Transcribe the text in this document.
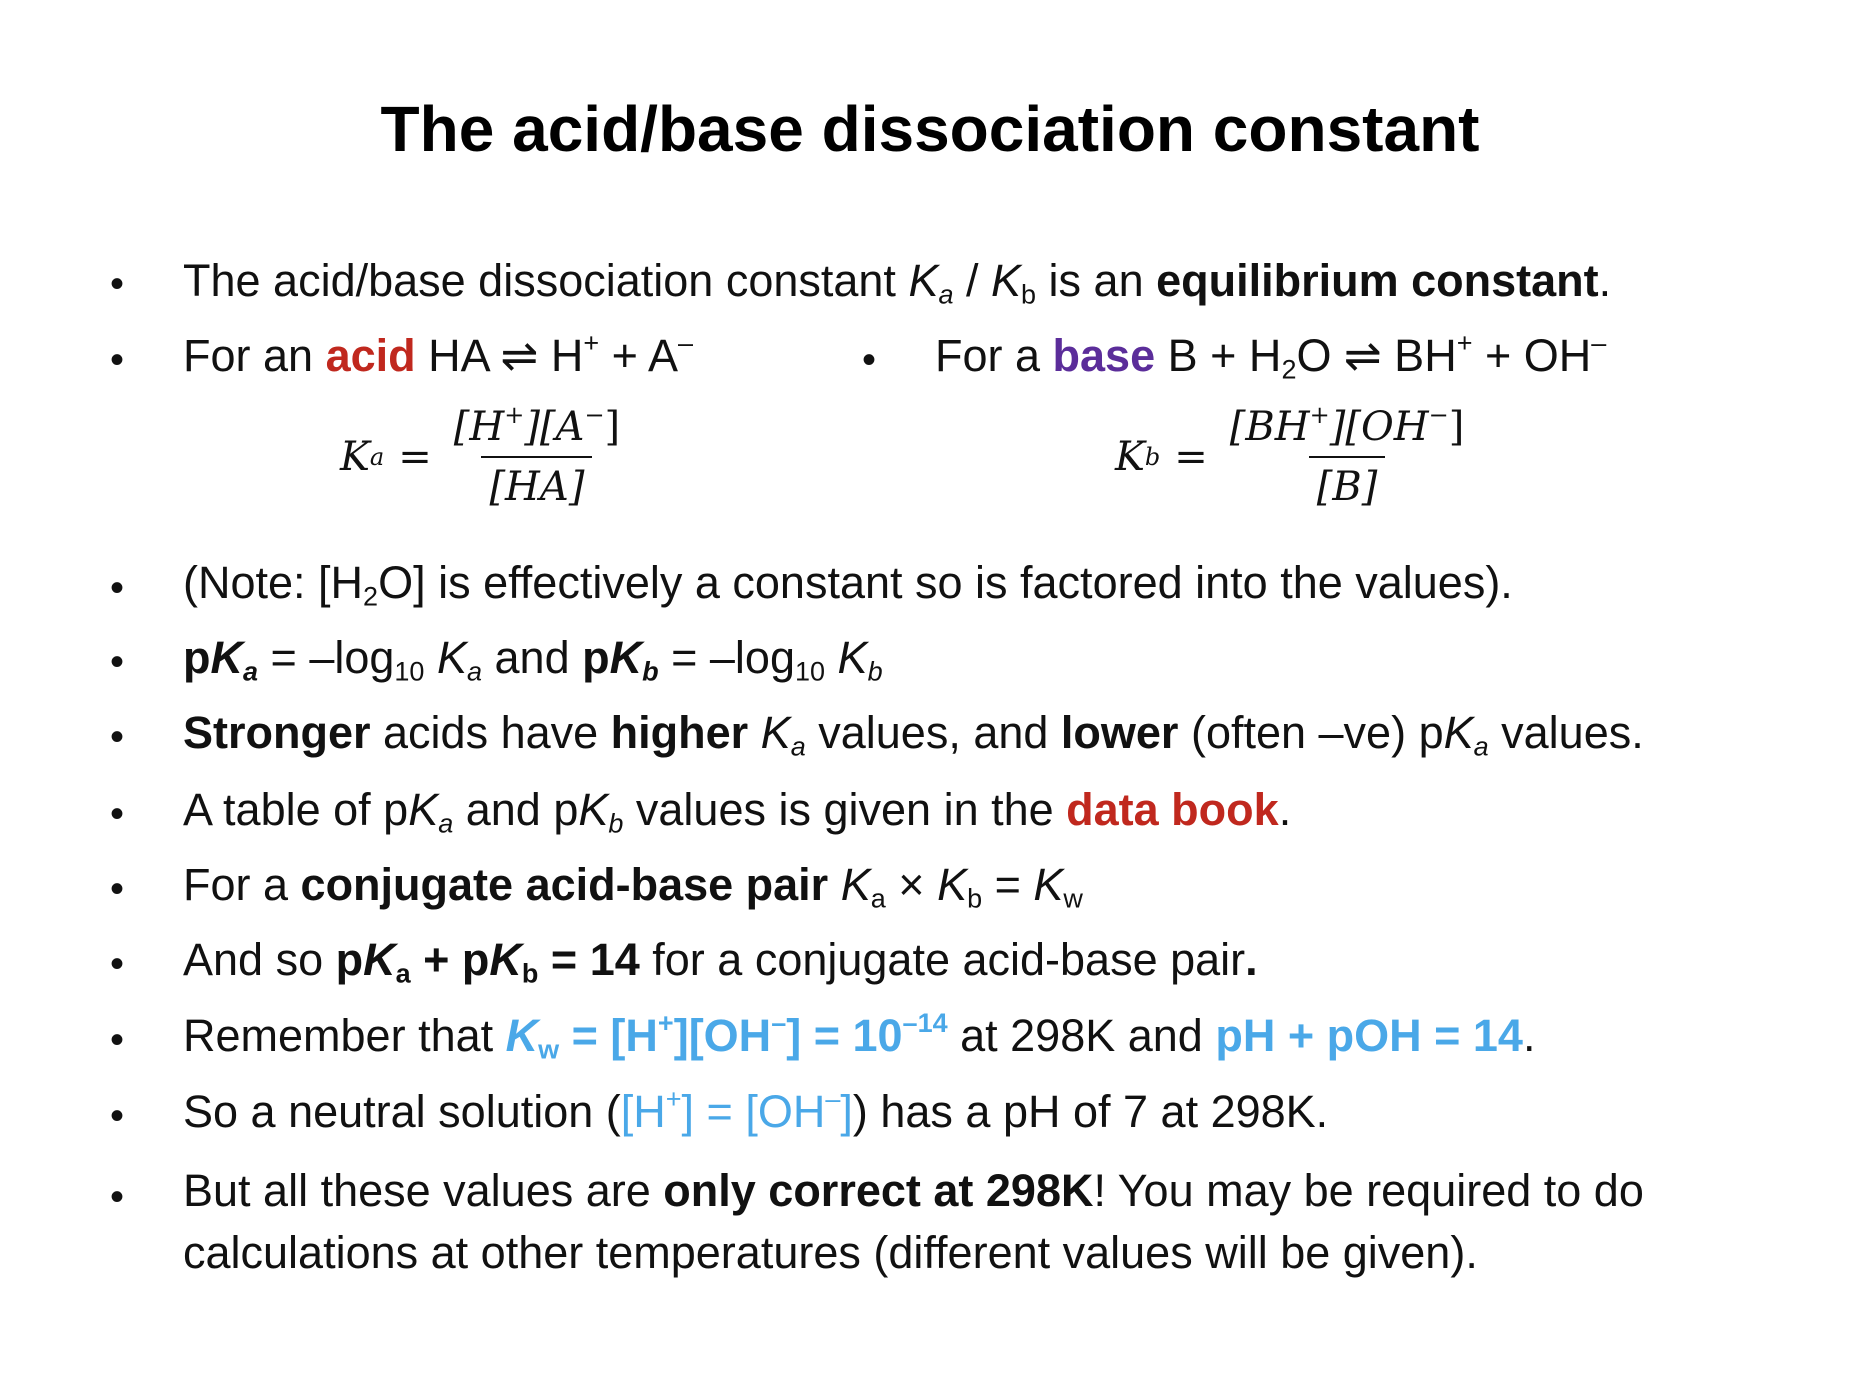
The acid/base dissociation constant
• The acid/base dissociation constant $K_a / K_b$ is an equilibrium constant.
• For an acid HA ⇌ H+ + A–	• For a base $B + H_2O$ ⇌ BH+ + OH–
K $a = \frac{[H^+][A^-]}{[HA]}$	K $b = \frac{[BH^+][OH^-]}{[B]}$
• (Note: $[H_2O]$ is effectively a constant so is factored into the values).
• $pK_a = -\log_{10}$ $K_a$ and $pK_b = -\log_{10}$ $K_b$
• Stronger acids have higher $K_a$ values, and lower (often –ve) $pK_a$ values.
• A table of $pK_a$ and $pK_b$ values is given in the data book.
• For a conjugate acid-base pair $K_a \times K_b = K_w$
• And so $pK_a + pK_b = 14$ for a conjugate acid-base pair.
• Remember that $K_w = [H^+][OH^-] = 10^{-14}$ at 298K and pH + pOH = 14.
• So a neutral solution ([H+] = [OH–]) has a pH of 7 at 298K.
• But all these values are only correct at 298K! You may be required to do
calculations at other temperatures (different values will be given).
